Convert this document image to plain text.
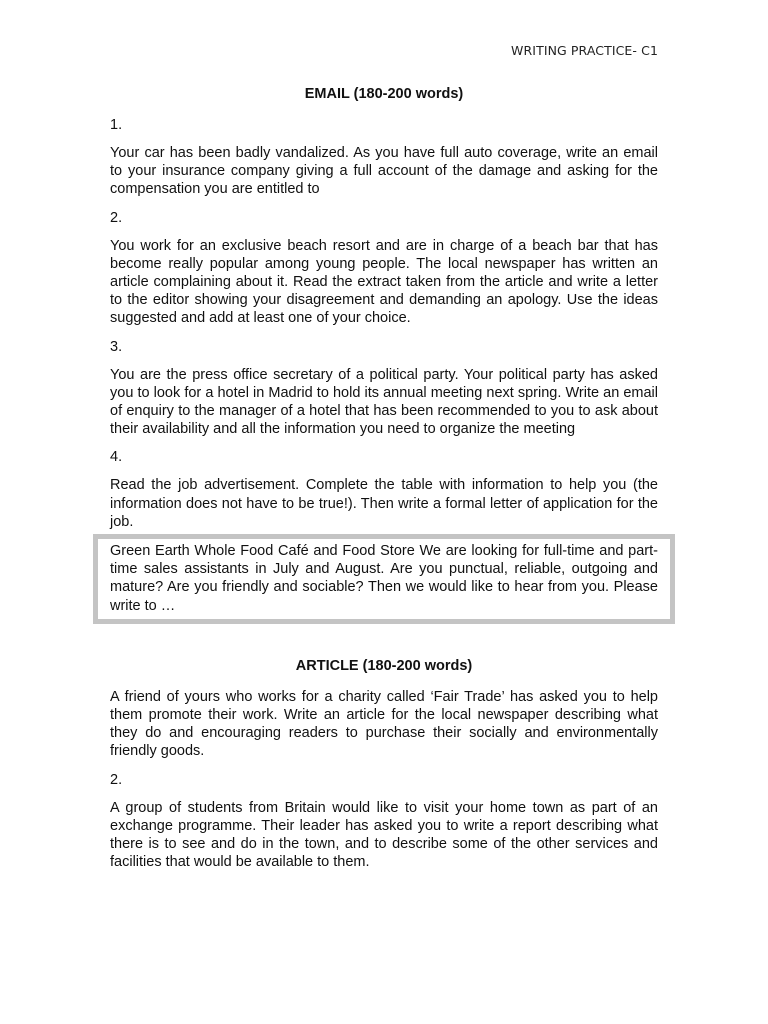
WRITING PRACTICE- C1
EMAIL (180-200 words)
1.
Your car has been badly vandalized. As you have full auto coverage, write an email to your insurance company giving a full account of the damage and asking for the compensation you are entitled to
2.
You work for an exclusive beach resort and are in charge of a beach bar that has become really popular among young people. The local newspaper has written an article complaining about it. Read the extract taken from the article and write a letter to the editor showing your disagreement and demanding an apology. Use the ideas suggested and add at least one of your choice.
3.
You are the press office secretary of a political party. Your political party has asked you to look for a hotel in Madrid to hold its annual meeting next spring. Write an email of enquiry to the manager of a hotel that has been recommended to you to ask about their availability and all the information you need to organize the meeting
4.
Read the job advertisement. Complete the table with information to help you (the information does not have to be true!). Then write a formal letter of application for the job.
Green Earth Whole Food Café and Food Store We are looking for full-time and part-time sales assistants in July and August. Are you punctual, reliable, outgoing and mature? Are you friendly and sociable? Then we would like to hear from you. Please write to …
ARTICLE (180-200 words)
A friend of yours who works for a charity called ‘Fair Trade’ has asked you to help them promote their work. Write an article for the local newspaper describing what they do and encouraging readers to purchase their socially and environmentally friendly goods.
2.
A group of students from Britain would like to visit your home town as part of an exchange programme. Their leader has asked you to write a report describing what there is to see and do in the town, and to describe some of the other services and facilities that would be available to them.
